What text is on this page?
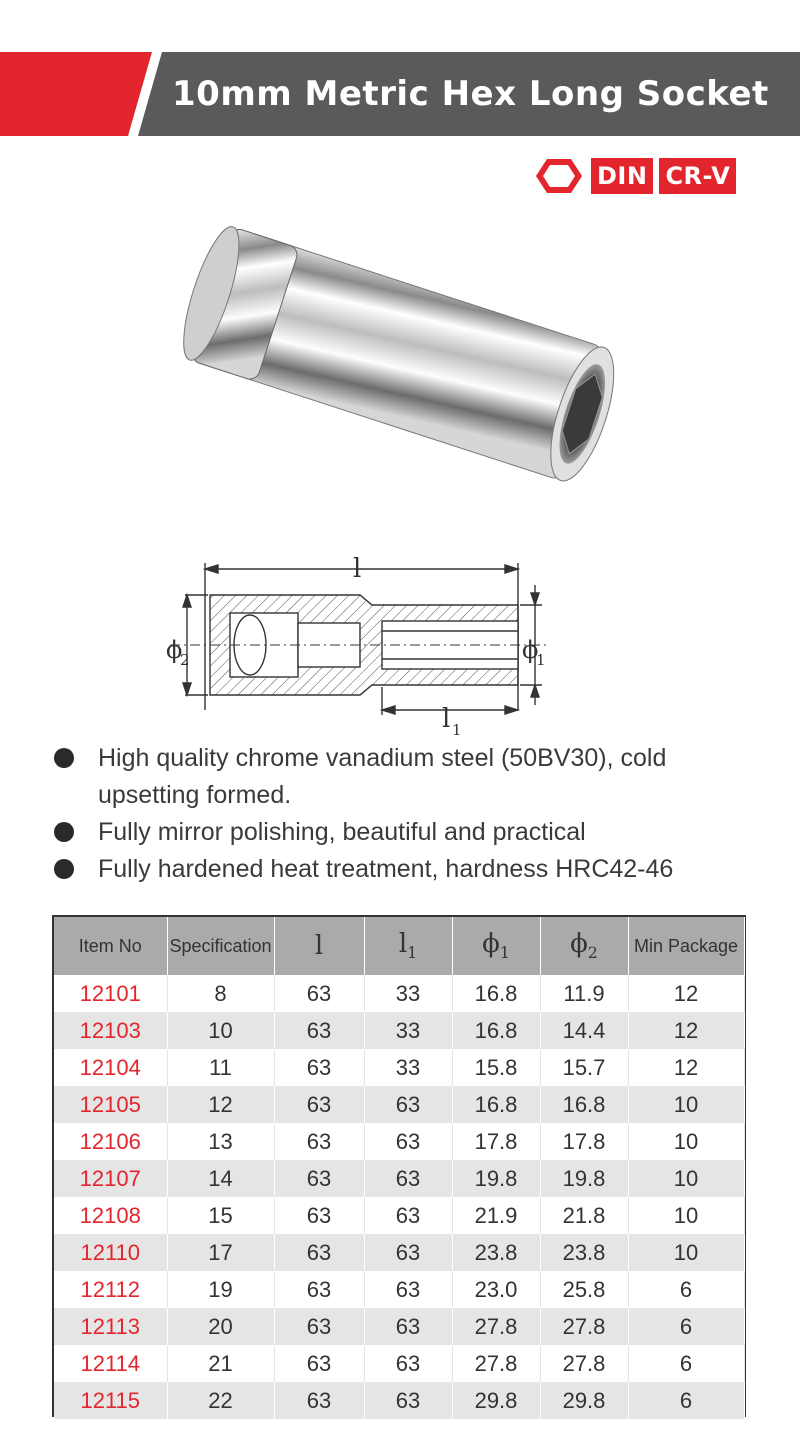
10mm Metric Hex Long Socket
DIN CR-V
l
l 1
ϕ
2	ϕ
1
High quality chrome vanadium steel (50BV30), cold upsetting formed.
Fully mirror polishing, beautiful and practical
Fully hardened heat treatment, hardness HRC42-46
Item No	Specification	l	$l_1$	$\phi_1$	$\phi_2$	Min Package
12101	8	63	33	16.8	11.9	12
12103	10	63	33	16.8	14.4	12
12104	11	63	33	15.8	15.7	12
12105	12	63	63	16.8	16.8	10
12106	13	63	63	17.8	17.8	10
12107	14	63	63	19.8	19.8	10
12108	15	63	63	21.9	21.8	10
12110	17	63	63	23.8	23.8	10
12112	19	63	63	23.0	25.8	6
12113	20	63	63	27.8	27.8	6
12114	21	63	63	27.8	27.8	6
12115	22	63	63	29.8	29.8	6
